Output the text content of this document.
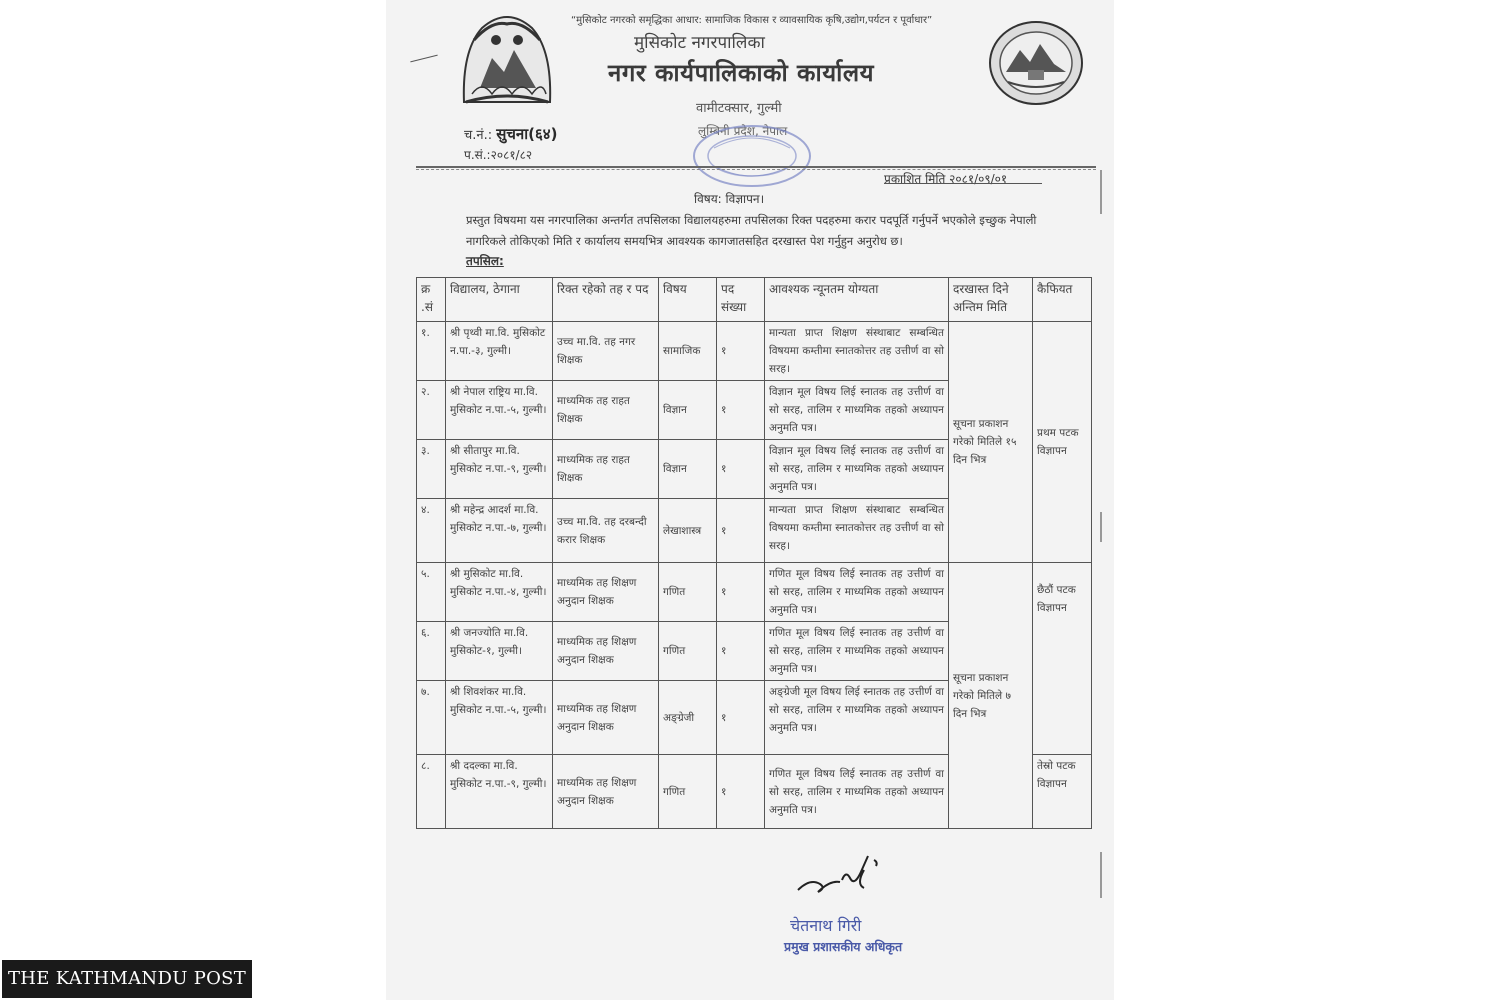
“मुसिकोट नगरको समृद्धिका आधार: सामाजिक विकास र व्यावसायिक कृषि,उद्योग,पर्यटन र पूर्वाधार”
मुसिकोट नगरपालिका
नगर कार्यपालिकाको कार्यालय
वामीटक्सार, गुल्मी
लुम्बिनी प्रदेश, नेपाल
च.नं.: सुचना(६४)
प.सं.:२०८१/८२
प्रकाशित मिति २०८१/०९/०१
विषय: विज्ञापन।
प्रस्तुत विषयमा यस नगरपालिका अन्तर्गत तपसिलका विद्यालयहरुमा तपसिलका रिक्त पदहरुमा करार पदपूर्ति गर्नुपर्ने भएकोले इच्छुक नेपाली नागरिकले तोकिएको मिति र कार्यालय समयभित्र आवश्यक कागजातसहित दरखास्त पेश गर्नुहुन अनुरोध छ।
तपसिल:
क्र .सं	विद्यालय, ठेगाना	रिक्त रहेको तह र पद	विषय	पद संख्या	आवश्यक न्यूनतम योग्यता	दरखास्त दिने अन्तिम मिति	कैफियत
१.	श्री पृथ्वी मा.वि. मुसिकोट न.पा.-३, गुल्मी।	उच्च मा.वि. तह नगर शिक्षक	सामाजिक	१	मान्यता प्राप्त शिक्षण संस्थाबाट सम्बन्धित विषयमा कम्तीमा स्नातकोत्तर तह उत्तीर्ण वा सो सरह।	सूचना प्रकाशन गरेको मितिले १५ दिन भित्र	प्रथम पटक विज्ञापन
२.	श्री नेपाल राष्ट्रिय मा.वि. मुसिकोट न.पा.-५, गुल्मी।	माध्यमिक तह राहत शिक्षक	विज्ञान	१	विज्ञान मूल विषय लिई स्नातक तह उत्तीर्ण वा सो सरह, तालिम र माध्यमिक तहको अध्यापन अनुमति पत्र।		
३.	श्री सीतापुर मा.वि. मुसिकोट न.पा.-९, गुल्मी।	माध्यमिक तह राहत शिक्षक	विज्ञान	१	विज्ञान मूल विषय लिई स्नातक तह उत्तीर्ण वा सो सरह, तालिम र माध्यमिक तहको अध्यापन अनुमति पत्र।		
४.	श्री महेन्द्र आदर्श मा.वि. मुसिकोट न.पा.-७, गुल्मी।	उच्च मा.वि. तह दरबन्दी करार शिक्षक	लेखाशास्त्र	१	मान्यता प्राप्त शिक्षण संस्थाबाट सम्बन्धित विषयमा कम्तीमा स्नातकोत्तर तह उत्तीर्ण वा सो सरह।		
५.	श्री मुसिकोट मा.वि. मुसिकोट न.पा.-४, गुल्मी।	माध्यमिक तह शिक्षण अनुदान शिक्षक	गणित	१	गणित मूल विषय लिई स्नातक तह उत्तीर्ण वा सो सरह, तालिम र माध्यमिक तहको अध्यापन अनुमति पत्र।	सूचना प्रकाशन गरेको मितिले ७ दिन भित्र	छैठौं पटक विज्ञापन
६.	श्री जनज्योति मा.वि. मुसिकोट-१, गुल्मी।	माध्यमिक तह शिक्षण अनुदान शिक्षक	गणित	१	गणित मूल विषय लिई स्नातक तह उत्तीर्ण वा सो सरह, तालिम र माध्यमिक तहको अध्यापन अनुमति पत्र।		
७.	श्री शिवशंकर मा.वि. मुसिकोट न.पा.-५, गुल्मी।	माध्यमिक तह शिक्षण अनुदान शिक्षक	अङ्ग्रेजी	१	अङ्ग्रेजी मूल विषय लिई स्नातक तह उत्तीर्ण वा सो सरह, तालिम र माध्यमिक तहको अध्यापन अनुमति पत्र।		
८.	श्री ददल्का मा.वि. मुसिकोट न.पा.-९, गुल्मी।	माध्यमिक तह शिक्षण अनुदान शिक्षक	गणित	१	गणित मूल विषय लिई स्नातक तह उत्तीर्ण वा सो सरह, तालिम र माध्यमिक तहको अध्यापन अनुमति पत्र।		तेस्रो पटक विज्ञापन
चेतनाथ गिरी
प्रमुख प्रशासकीय अधिकृत
THE KATHMANDU POST
